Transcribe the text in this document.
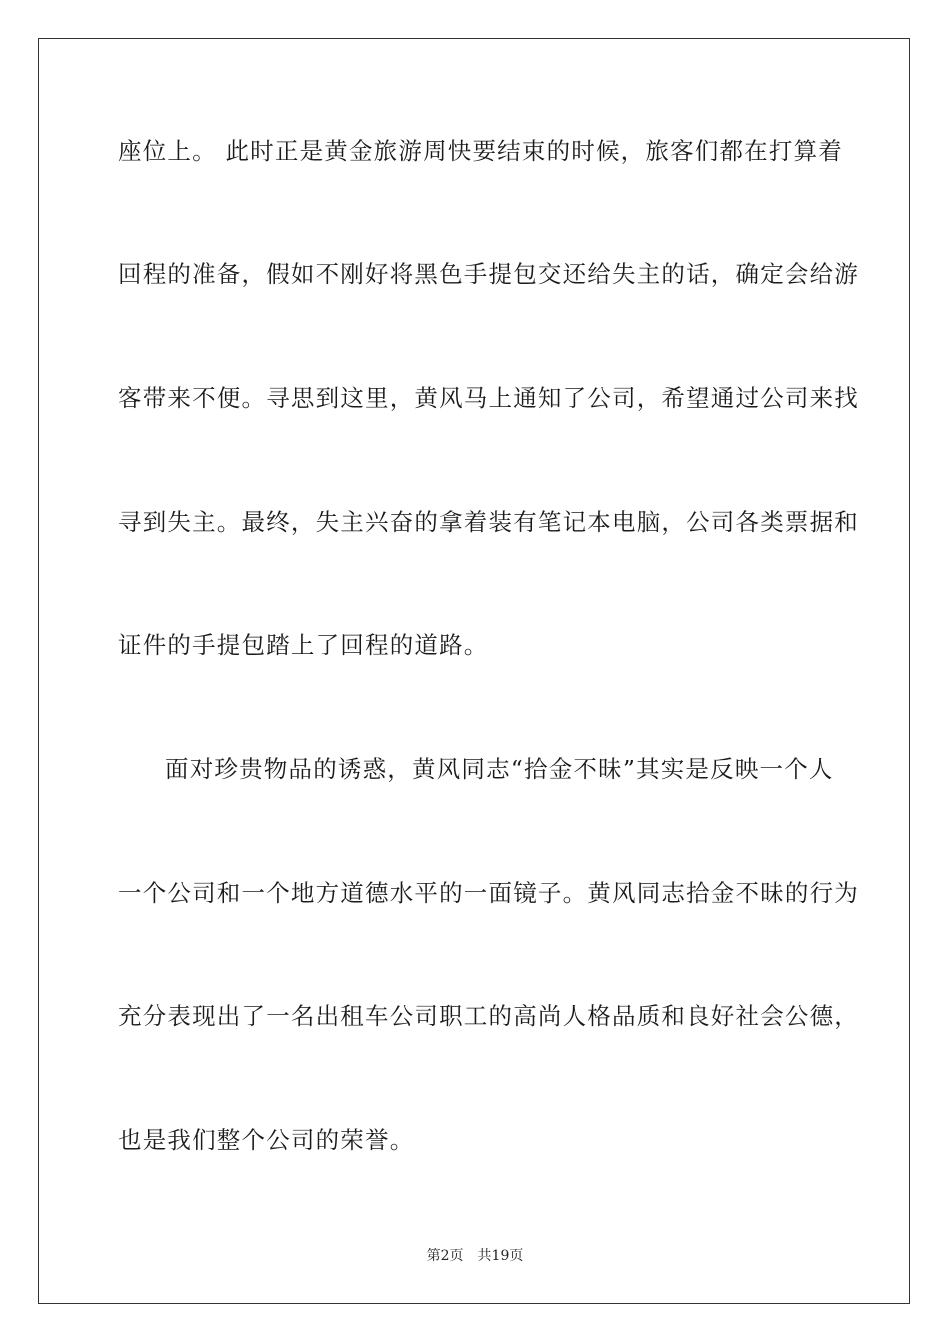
座位上。 此时正是黄金旅游周快要结束的时候，旅客们都在打算着
回程的准备，假如不刚好将黑色手提包交还给失主的话，确定会给游
客带来不便。寻思到这里，黄风马上通知了公司，希望通过公司来找
寻到失主。最终，失主兴奋的拿着装有笔记本电脑，公司各类票据和
证件的手提包踏上了回程的道路。
面对珍贵物品的诱惑，黄风同志“拾金不昧”其实是反映一个人
一个公司和一个地方道德水平的一面镜子。黄风同志拾金不昧的行为
充分表现出了一名出租车公司职工的高尚人格品质和良好社会公德，
也是我们整个公司的荣誉。
第2页 共19页
